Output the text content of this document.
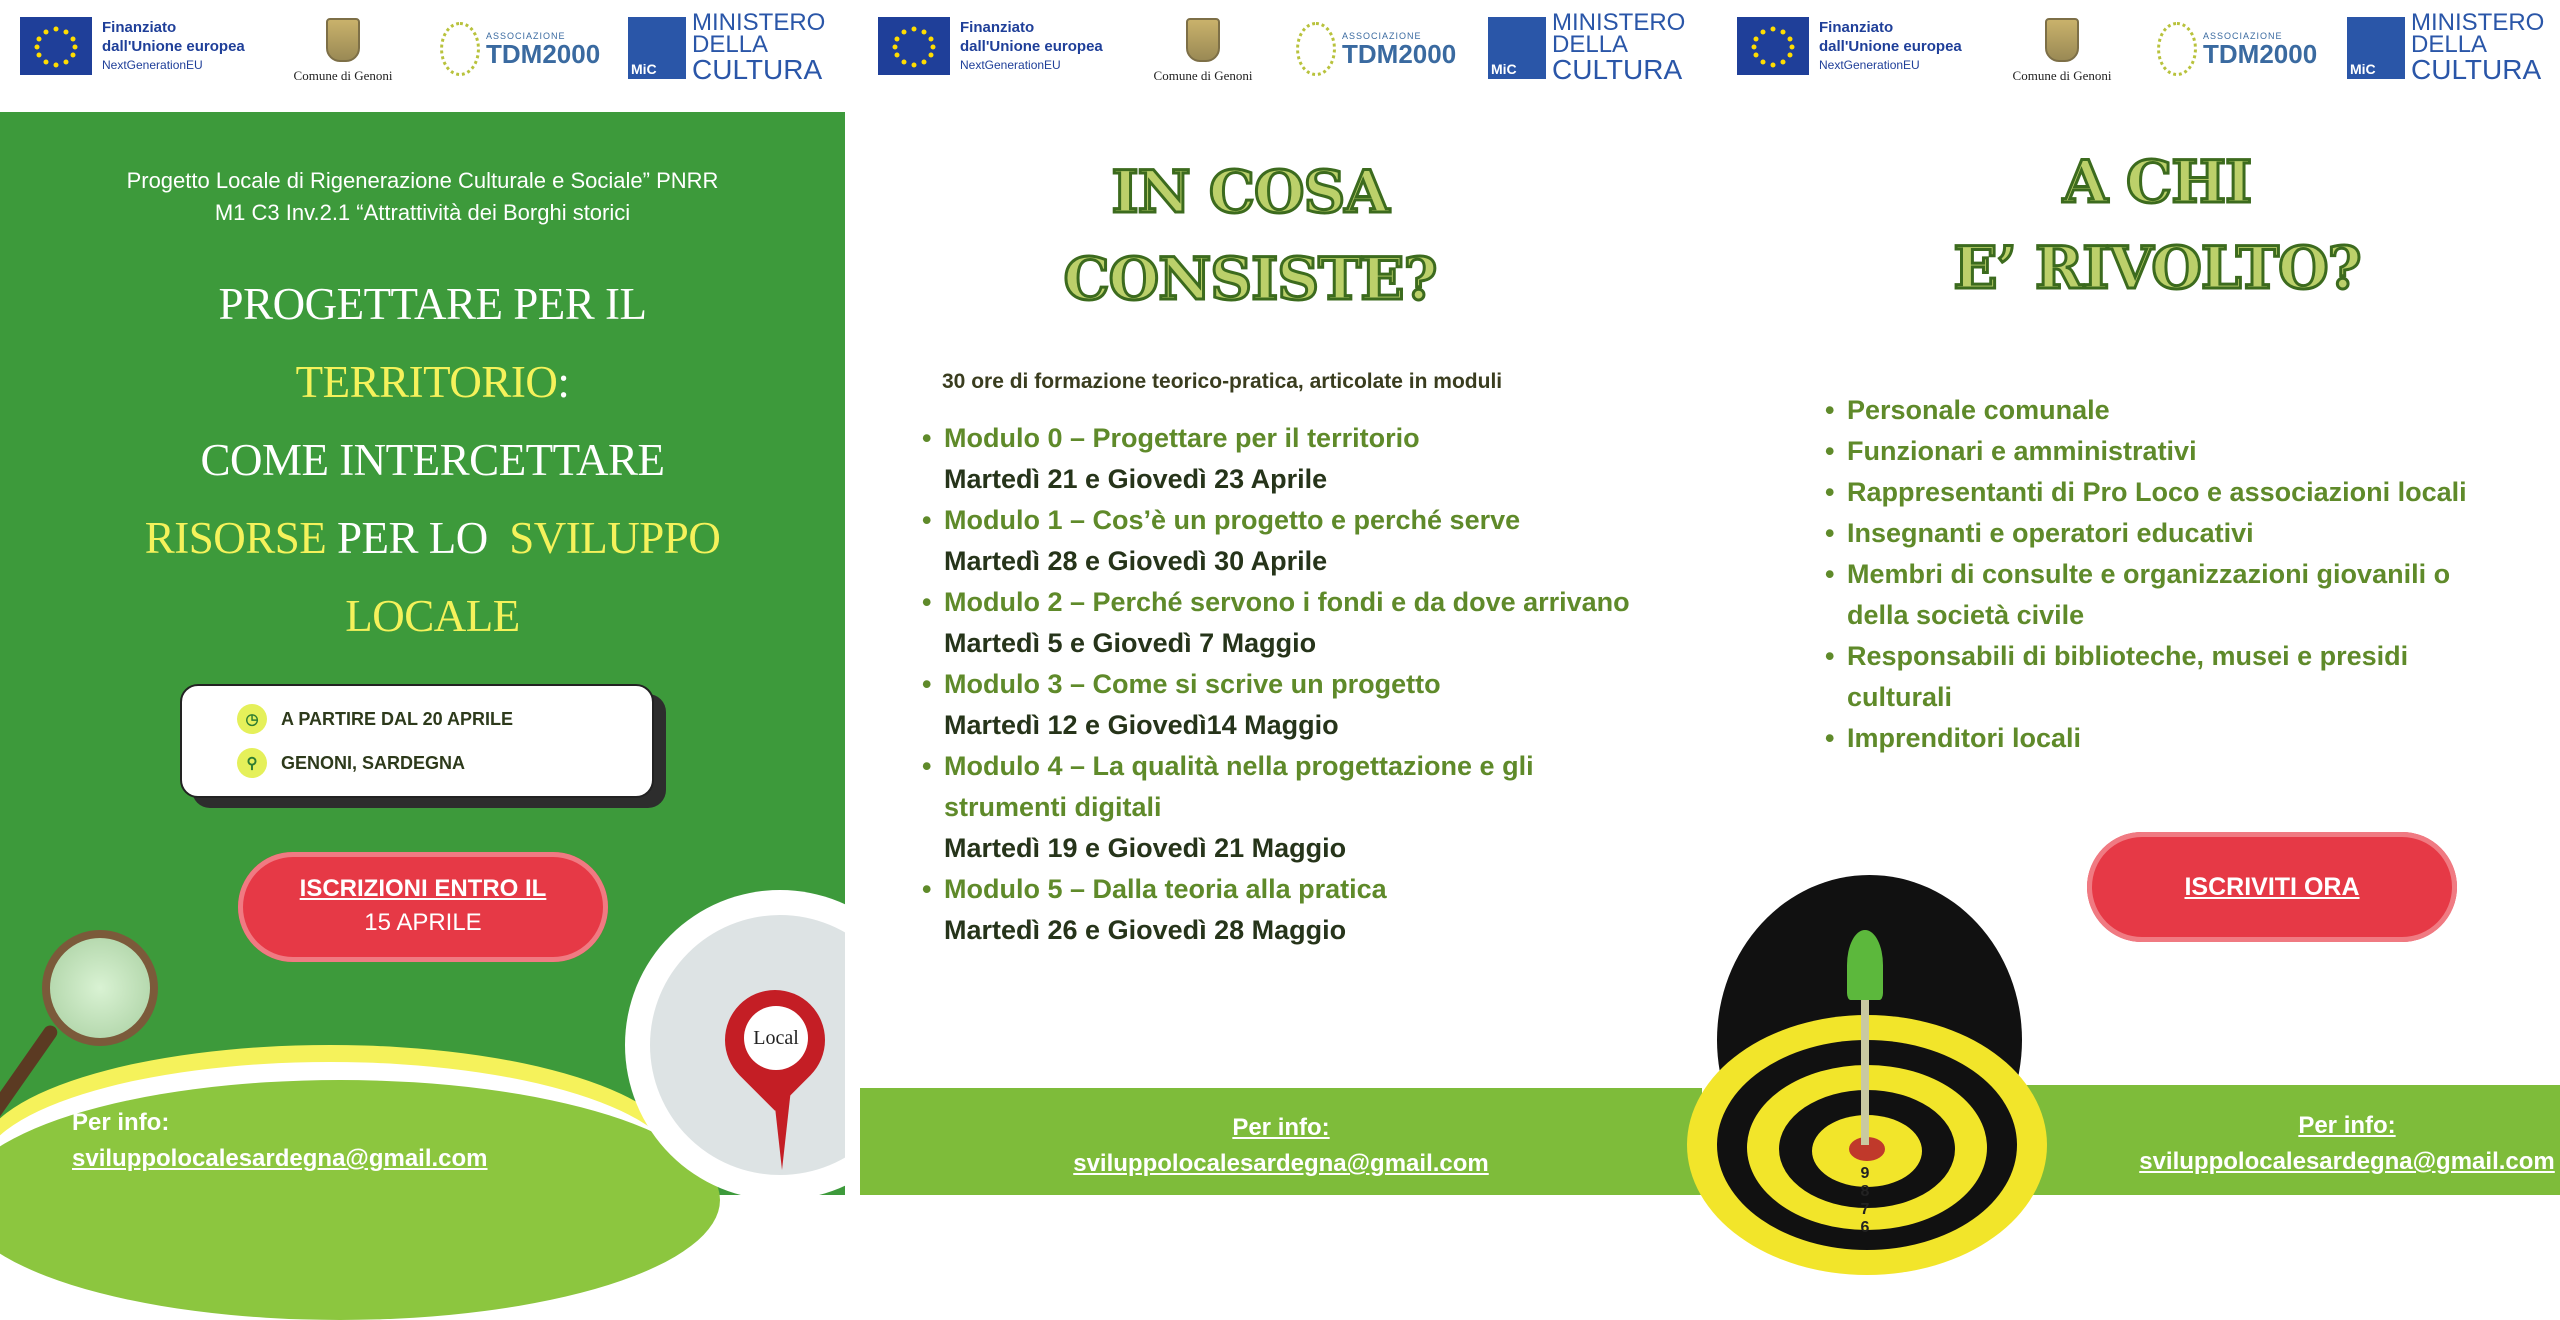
Finanziato
dall'Unione europea
NextGenerationEU
Comune di Genoni
ASSOCIAZIONE
TDM2000 MiC
MINISTERO
DELLA
CULTURA
Progetto Locale di Rigenerazione Culturale e Sociale” PNRR
M1 C3 Inv.2.1 “Attrattività dei Borghi storici
PROGETTARE PER IL
TERRITORIO:
COME INTERCETTARE
RISORSE PER LO  SVILUPPO
LOCALE
◷	A PARTIRE DAL 20 APRILE
⚲	GENONI, SARDEGNA
ISCRIZIONI ENTRO IL
15 APRILE
Local
Per info:
sviluppolocalesardegna@gmail.com
Finanziato
dall'Unione europea
NextGenerationEU
Comune di Genoni
ASSOCIAZIONE
TDM2000 MiC
MINISTERO
DELLA
CULTURA
IN COSA
CONSISTE?
30 ore di formazione teorico-pratica, articolate in moduli
• Modulo 0 – Progettare per il territorio
Martedì 21 e Giovedì 23 Aprile
• Modulo 1 – Cos’è un progetto e perché serve
Martedì 28 e Giovedì 30 Aprile
• Modulo 2 – Perché servono i fondi e da dove arrivano
Martedì 5 e Giovedì 7 Maggio
• Modulo 3 – Come si scrive un progetto
Martedì 12 e Giovedì14 Maggio
• Modulo 4 – La qualità nella progettazione e gli strumenti digitali
Martedì 19 e Giovedì 21 Maggio
• Modulo 5 – Dalla teoria alla pratica
Martedì 26 e Giovedì 28 Maggio
Per info:
sviluppolocalesardegna@gmail.com
Finanziato
dall'Unione europea
NextGenerationEU
Comune di Genoni
ASSOCIAZIONE
TDM2000 MiC
MINISTERO
DELLA
CULTURA
A CHI
E’ RIVOLTO?
• Personale comunale
• Funzionari e amministrativi
• Rappresentanti di Pro Loco e associazioni locali
• Insegnanti e operatori educativi
• Membri di consulte e organizzazioni giovanili o della società civile
• Responsabili di biblioteche, musei e presidi culturali
• Imprenditori locali
ISCRIVITI ORA
9
8
7
6
Per info:
sviluppolocalesardegna@gmail.com
